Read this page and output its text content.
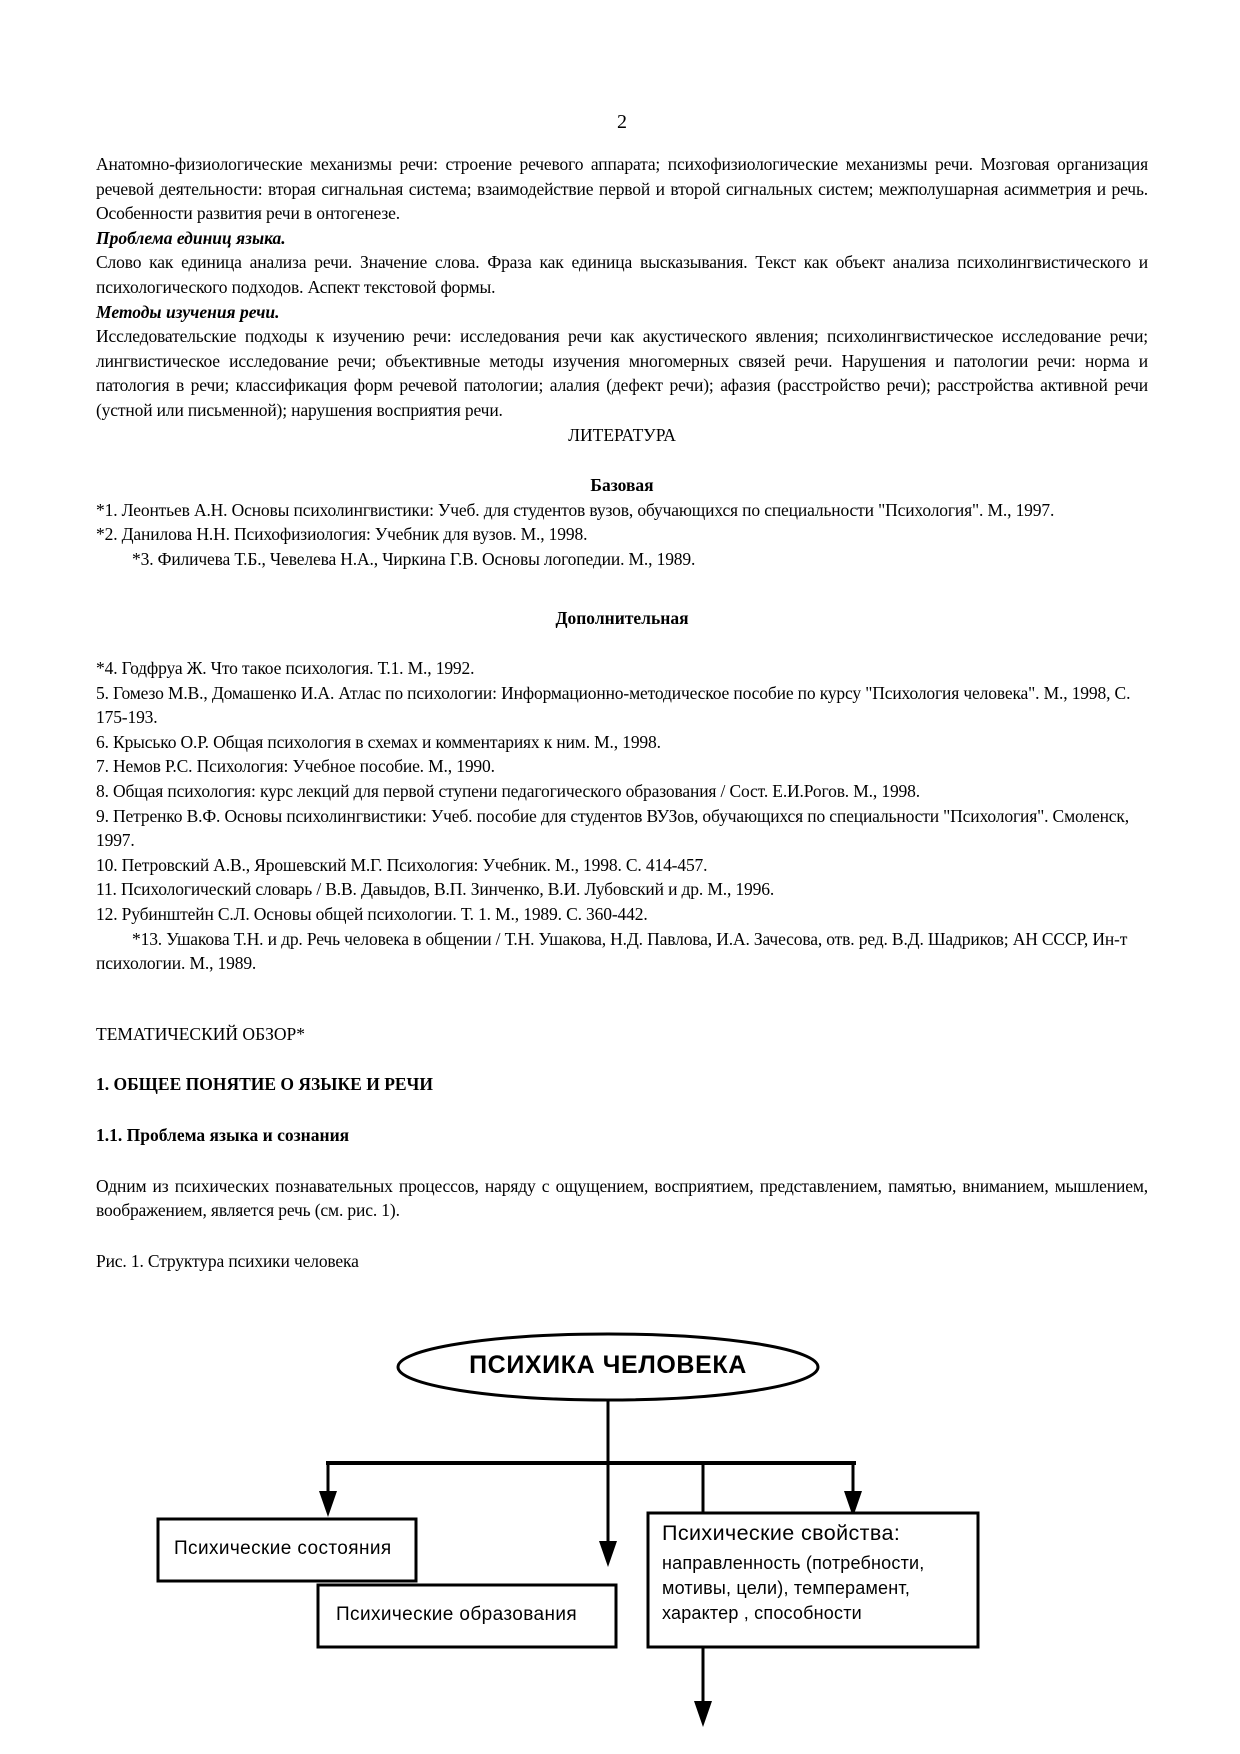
2

Анатомно-физиологические механизмы речи: строение речевого аппарата; психофизиологические механизмы речи. Мозговая организация речевой деятельности: вторая сигнальная система; взаимодействие первой и второй сигнальных систем; межполушарная асимметрия и речь. Особенности развития речи в онтогенезе.

Проблема единиц языка.

Слово как единица анализа речи. Значение слова. Фраза как единица высказывания. Текст как объект анализа психолингвистического и психологического подходов. Аспект текстовой формы.

Методы изучения речи.

Исследовательские подходы к изучению речи: исследования речи как акустического явления; психолингвистическое исследование речи; лингвистическое исследование речи; объективные методы изучения многомерных связей речи. Нарушения и патологии речи: норма и патология в речи; классификация форм речевой патологии; алалия (дефект речи); афазия (расстройство речи); расстройства активной речи (устной или письменной); нарушения восприятия речи.

ЛИТЕРАТУРА

Базовая

*1. Леонтьев А.Н. Основы психолингвистики: Учеб. для студентов вузов, обучающихся по специальности "Психология". М., 1997.

*2. Данилова Н.Н. Психофизиология: Учебник для вузов. М., 1998.

*3. Филичева Т.Б., Чевелева Н.А., Чиркина Г.В. Основы логопедии. М., 1989.

Дополнительная

*4. Годфруа Ж. Что такое психология. Т.1. М., 1992.

5. Гомезо М.В., Домашенко И.А. Атлас по психологии: Информационно-методическое пособие по курсу "Психология человека". М., 1998, С. 175-193.

6. Крысько О.Р. Общая психология в схемах и комментариях к ним. М., 1998.

7. Немов Р.С. Психология: Учебное пособие. М., 1990.

8. Общая психология: курс лекций для первой ступени педагогического образования / Сост. Е.И.Рогов. М., 1998.

9. Петренко В.Ф. Основы психолингвистики: Учеб. пособие для студентов ВУЗов, обучающихся по специальности "Психология". Смоленск, 1997.

10. Петровский А.В., Ярошевский М.Г. Психология: Учебник. М., 1998. С. 414-457.

11. Психологический словарь / В.В. Давыдов, В.П. Зинченко, В.И. Лубовский и др. М., 1996.

12. Рубинштейн С.Л. Основы общей психологии. Т. 1. М., 1989. С. 360-442.

*13. Ушакова Т.Н. и др. Речь человека в общении / Т.Н. Ушакова, Н.Д. Павлова, И.А. Зачесова, отв. ред. В.Д. Шадриков; АН СССР, Ин-т психологии. М., 1989.

ТЕМАТИЧЕСКИЙ ОБЗОР*

1. ОБЩЕЕ ПОНЯТИЕ О ЯЗЫКЕ И РЕЧИ

1.1. Проблема языка и сознания

Одним из психических познавательных процессов, наряду с ощущением, восприятием, представлением, памятью, вниманием, мышлением, воображением, является речь (см. рис. 1).

Рис. 1. Структура психики человека

ПСИХИКА ЧЕЛОВЕКА
Психические состояния
Психические образования
Психические свойства:
направленность (потребности,
мотивы, цели), темперамент,
характер , способности
